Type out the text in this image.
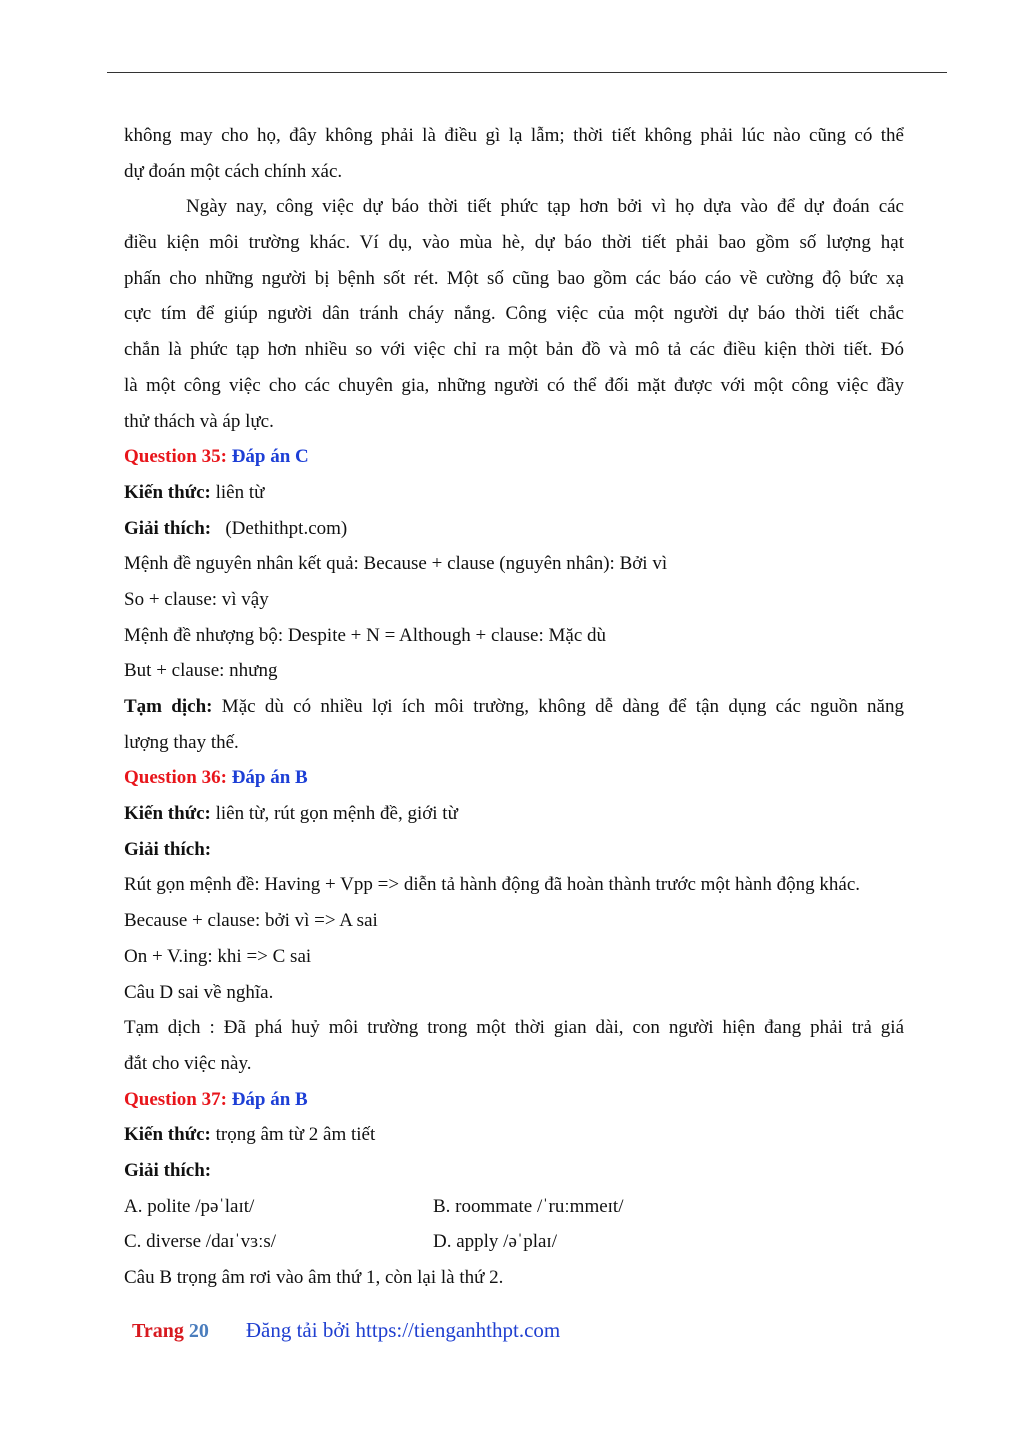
không may cho họ, đây không phải là điều gì lạ lẫm; thời tiết không phải lúc nào cũng có thể
dự đoán một cách chính xác.
Ngày nay, công việc dự báo thời tiết phức tạp hơn bởi vì họ dựa vào để dự đoán các
điều kiện môi trường khác. Ví dụ, vào mùa hè, dự báo thời tiết phải bao gồm số lượng hạt
phấn cho những người bị bệnh sốt rét. Một số cũng bao gồm các báo cáo về cường độ bức xạ
cực tím để giúp người dân tránh cháy nắng. Công việc của một người dự báo thời tiết chắc
chắn là phức tạp hơn nhiều so với việc chỉ ra một bản đồ và mô tả các điều kiện thời tiết. Đó
là một công việc cho các chuyên gia, những người có thể đối mặt được với một công việc đầy
thử thách và áp lực.
Question 35: Đáp án C
Kiến thức: liên từ
Giải thích: (Dethithpt.com)
Mệnh đề nguyên nhân kết quả: Because + clause (nguyên nhân): Bởi vì
So + clause: vì vậy
Mệnh đề nhượng bộ: Despite + N = Although + clause: Mặc dù
But + clause: nhưng
Tạm dịch: Mặc dù có nhiều lợi ích môi trường, không dễ dàng để tận dụng các nguồn năng
lượng thay thế.
Question 36: Đáp án B
Kiến thức: liên từ, rút gọn mệnh đề, giới từ
Giải thích:
Rút gọn mệnh đề: Having + Vpp => diễn tả hành động đã hoàn thành trước một hành động khác.
Because + clause: bởi vì => A sai
On + V.ing: khi => C sai
Câu D sai về nghĩa.
Tạm dịch : Đã phá huỷ môi trường trong một thời gian dài, con người hiện đang phải trả giá
đắt cho việc này.
Question 37: Đáp án B
Kiến thức: trọng âm từ 2 âm tiết
Giải thích:
A. polite /pəˈlaɪt/	B. roommate /ˈruːmmeɪt/
C. diverse /daɪˈvɜːs/	D. apply /əˈplaɪ/
Câu B trọng âm rơi vào âm thứ 1, còn lại là thứ 2.
Trang 20 Đăng tải bởi https://tienganhthpt.com
